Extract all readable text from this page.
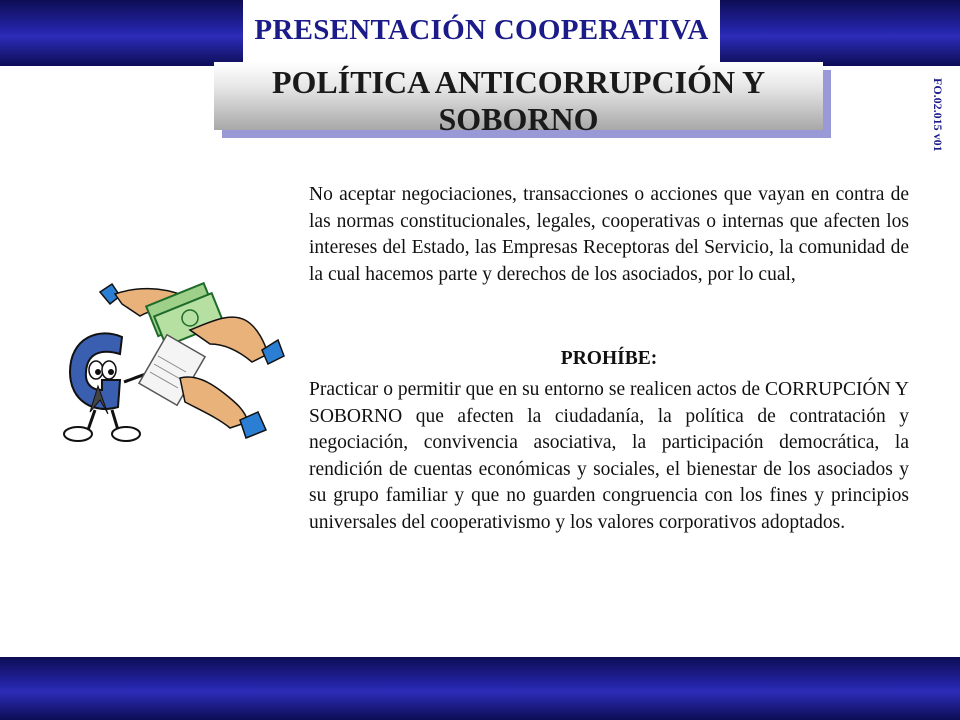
PRESENTACIÓN COOPERATIVA
POLÍTICA ANTICORRUPCIÓN Y
SOBORNO	FO.02.015 v01
No aceptar negociaciones, transacciones o acciones que vayan en contra de las normas constitucionales, legales, cooperativas o internas que afecten los intereses del Estado, las Empresas Receptoras del Servicio, la comunidad de la cual hacemos parte y derechos de los asociados, por lo cual,
PROHÍBE:
Practicar o permitir que en su entorno se realicen actos de CORRUPCIÓN Y SOBORNO que afecten la ciudadanía, la política de contratación y negociación, convivencia asociativa, la participación democrática, la rendición de cuentas económicas y sociales, el bienestar de los asociados y su grupo familiar y que no guarden congruencia con los fines y principios universales del cooperativismo y los valores corporativos adoptados.
